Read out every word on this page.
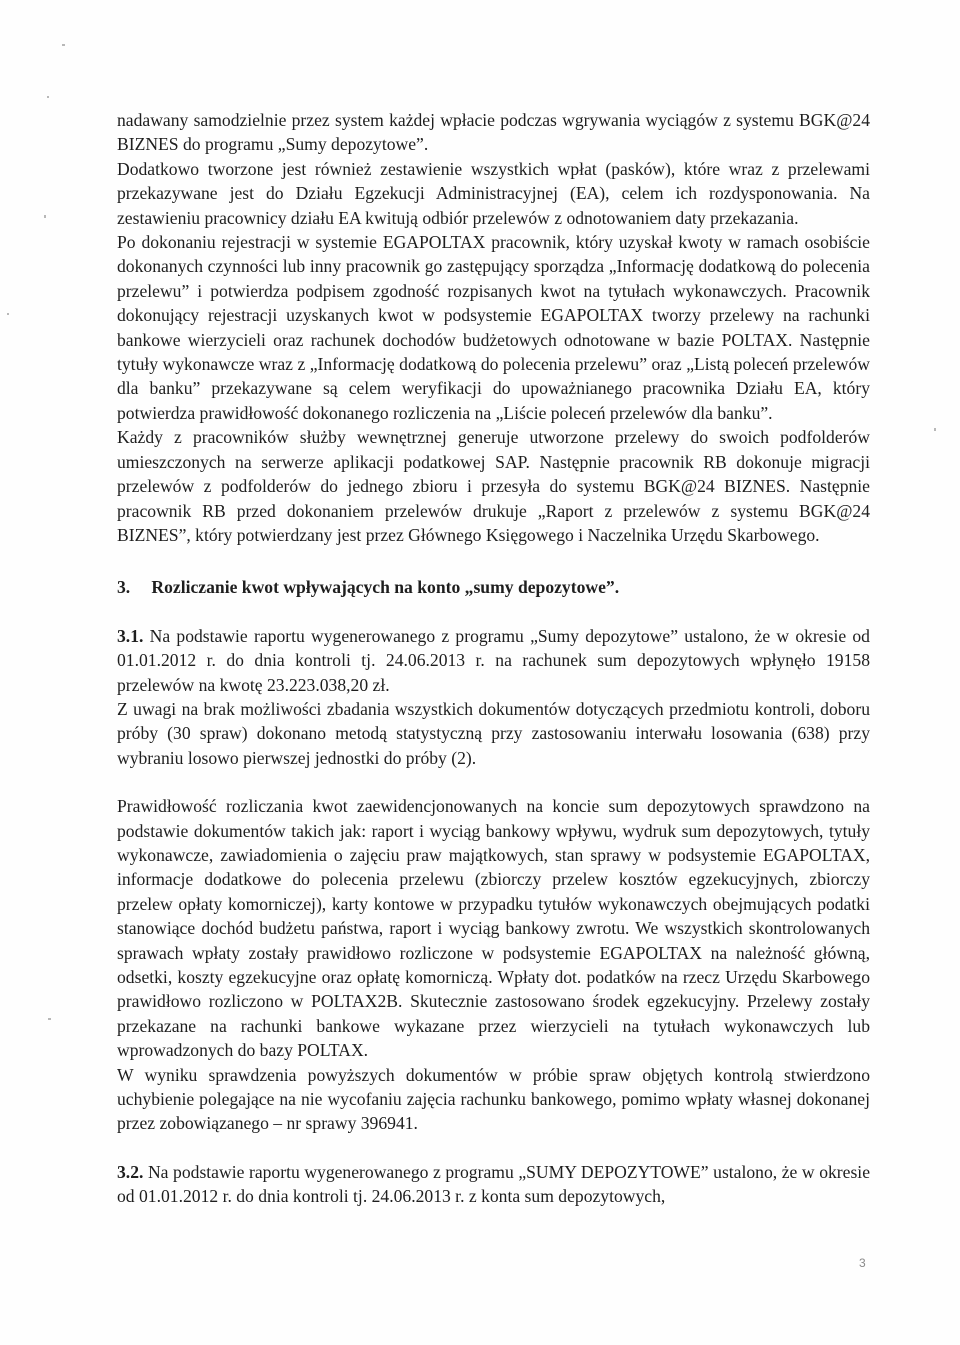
nadawany samodzielnie przez system każdej wpłacie podczas wgrywania wyciągów z systemu BGK@24 BIZNES do programu „Sumy depozytowe”.

Dodatkowo tworzone jest również zestawienie wszystkich wpłat (pasków), które wraz z przelewami przekazywane jest do Działu Egzekucji Administracyjnej (EA), celem ich rozdysponowania. Na zestawieniu pracownicy działu EA kwitują odbiór przelewów z odnotowaniem daty przekazania.

Po dokonaniu rejestracji w systemie EGAPOLTAX pracownik, który uzyskał kwoty w ramach osobiście dokonanych czynności lub inny pracownik go zastępujący sporządza „Informację dodatkową do polecenia przelewu” i potwierdza podpisem zgodność rozpisanych kwot na tytułach wykonawczych. Pracownik dokonujący rejestracji uzyskanych kwot w podsystemie EGAPOLTAX tworzy przelewy na rachunki bankowe wierzycieli oraz rachunek dochodów budżetowych odnotowane w bazie POLTAX. Następnie tytuły wykonawcze wraz z „Informację dodatkową do polecenia przelewu” oraz „Listą poleceń przelewów dla banku” przekazywane są celem weryfikacji do upoważnianego pracownika Działu EA, który potwierdza prawidłowość dokonanego rozliczenia na „Liście poleceń przelewów dla banku”.

Każdy z pracowników służby wewnętrznej generuje utworzone przelewy do swoich podfolderów umieszczonych na serwerze aplikacji podatkowej SAP. Następnie pracownik RB dokonuje migracji przelewów z podfolderów do jednego zbioru i przesyła do systemu BGK@24 BIZNES. Następnie pracownik RB przed dokonaniem przelewów drukuje „Raport z przelewów z systemu BGK@24 BIZNES”, który potwierdzany jest przez Głównego Księgowego i Naczelnika Urzędu Skarbowego.

3. Rozliczanie kwot wpływających na konto „sumy depozytowe”.

3.1. Na podstawie raportu wygenerowanego z programu „Sumy depozytowe” ustalono, że w okresie od 01.01.2012 r. do dnia kontroli tj. 24.06.2013 r. na rachunek sum depozytowych wpłynęło 19158 przelewów na kwotę 23.223.038,20 zł.

Z uwagi na brak możliwości zbadania wszystkich dokumentów dotyczących przedmiotu kontroli, doboru próby (30 spraw) dokonano metodą statystyczną przy zastosowaniu interwału losowania (638) przy wybraniu losowo pierwszej jednostki do próby (2).

Prawidłowość rozliczania kwot zaewidencjonowanych na koncie sum depozytowych sprawdzono na podstawie dokumentów takich jak: raport i wyciąg bankowy wpływu, wydruk sum depozytowych, tytuły wykonawcze, zawiadomienia o zajęciu praw majątkowych, stan sprawy w podsystemie EGAPOLTAX, informacje dodatkowe do polecenia przelewu (zbiorczy przelew kosztów egzekucyjnych, zbiorczy przelew opłaty komorniczej), karty kontowe w przypadku tytułów wykonawczych obejmujących podatki stanowiące dochód budżetu państwa, raport i wyciąg bankowy zwrotu. We wszystkich skontrolowanych sprawach wpłaty zostały prawidłowo rozliczone w podsystemie EGAPOLTAX na należność główną, odsetki, koszty egzekucyjne oraz opłatę komorniczą. Wpłaty dot. podatków na rzecz Urzędu Skarbowego prawidłowo rozliczono w POLTAX2B. Skutecznie zastosowano środek egzekucyjny. Przelewy zostały przekazane na rachunki bankowe wykazane przez wierzycieli na tytułach wykonawczych lub wprowadzonych do bazy POLTAX.

W wyniku sprawdzenia powyższych dokumentów w próbie spraw objętych kontrolą stwierdzono uchybienie polegające na nie wycofaniu zajęcia rachunku bankowego, pomimo wpłaty własnej dokonanej przez zobowiązanego – nr sprawy 396941.

3.2. Na podstawie raportu wygenerowanego z programu „SUMY DEPOZYTOWE” ustalono, że w okresie od 01.01.2012 r. do dnia kontroli tj. 24.06.2013 r. z konta sum depozytowych,

3
